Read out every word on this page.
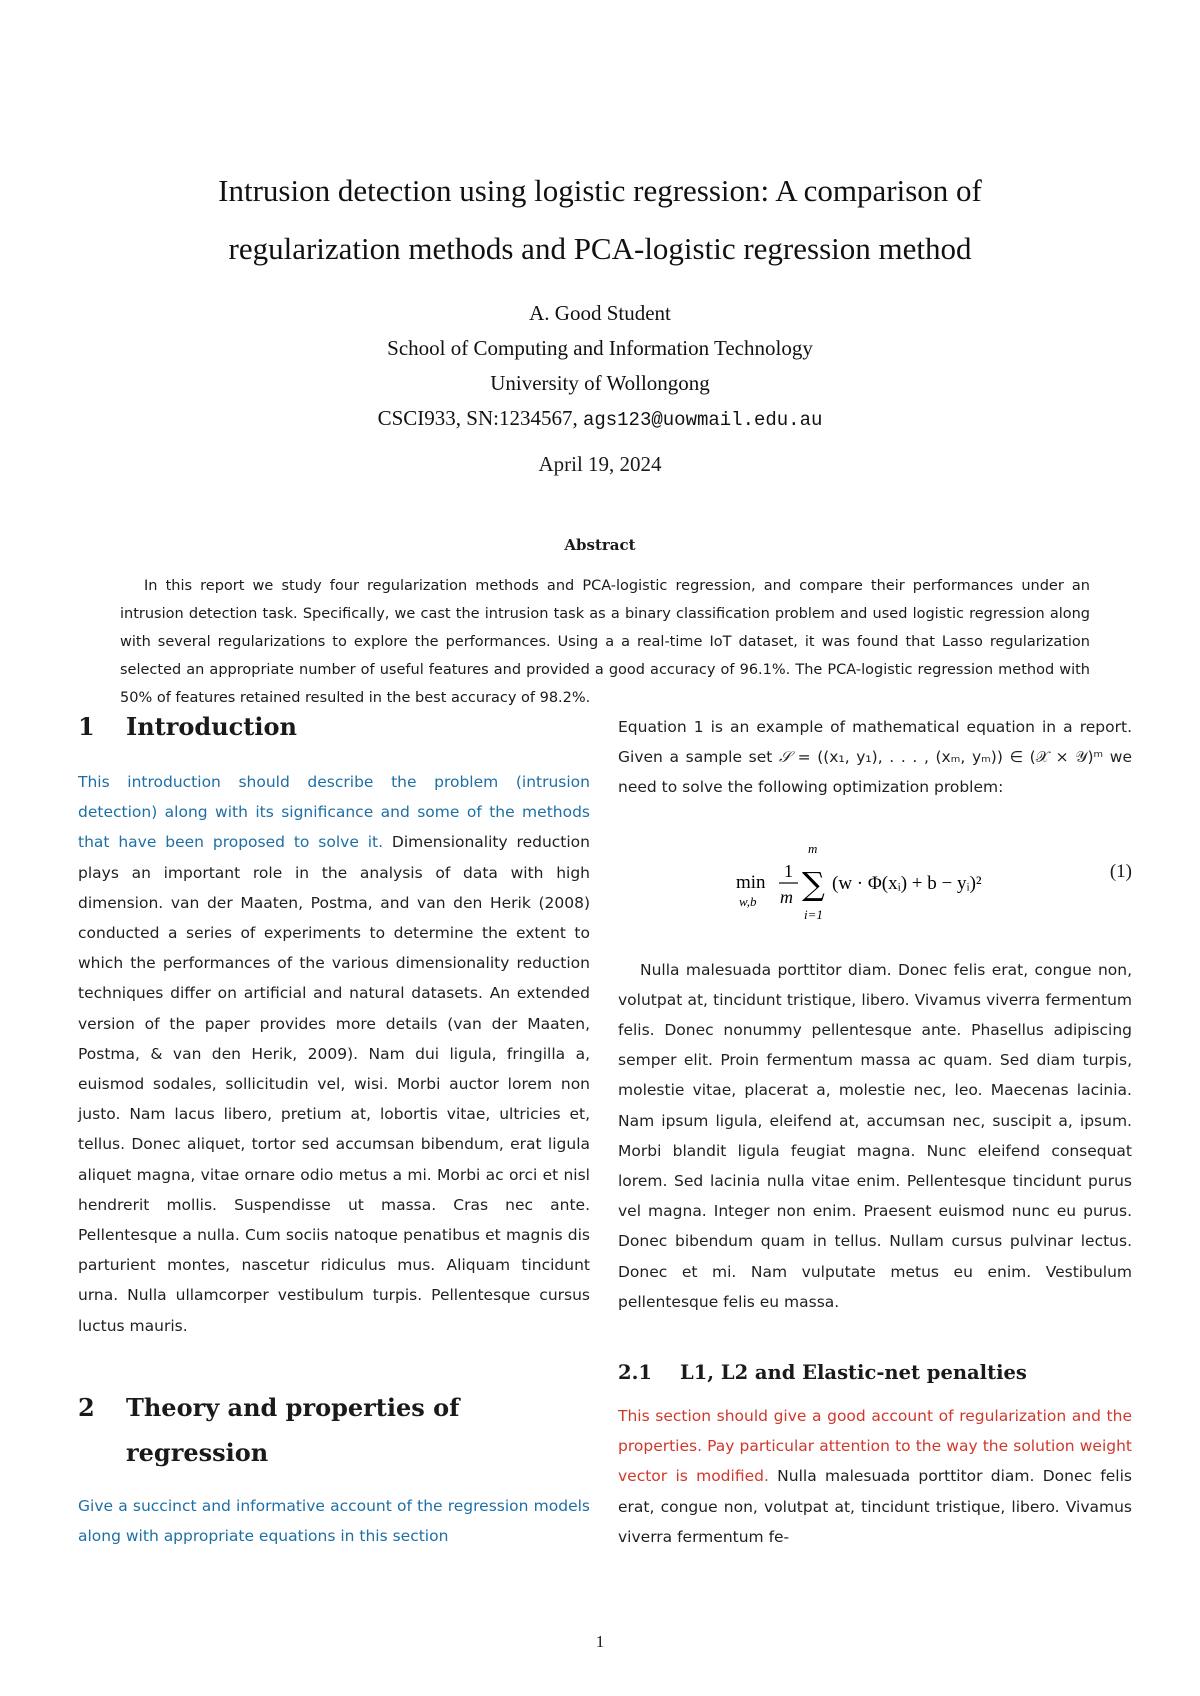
Intrusion detection using logistic regression: A comparison of
regularization methods and PCA-logistic regression method
A. Good Student
School of Computing and Information Technology
University of Wollongong
CSCI933, SN:1234567, ags123@uowmail.edu.au
April 19, 2024
Abstract
In this report we study four regularization methods and PCA-logistic regression, and compare their performances under an intrusion detection task. Specifically, we cast the intrusion task as a binary classification problem and used logistic regression along with several regularizations to explore the performances. Using a a real-time IoT dataset, it was found that Lasso regularization selected an appropriate number of useful features and provided a good accuracy of 96.1%. The PCA-logistic regression method with 50% of features retained resulted in the best accuracy of 98.2%.
1	Introduction
This introduction should describe the problem (intrusion detection) along with its significance and some of the methods that have been proposed to solve it. Dimensionality reduction plays an important role in the analysis of data with high dimension. van der Maaten, Postma, and van den Herik (2008) conducted a series of experiments to determine the extent to which the performances of the various dimensionality reduction techniques differ on artificial and natural datasets. An extended version of the paper provides more details (van der Maaten, Postma, & van den Herik, 2009). Nam dui ligula, fringilla a, euismod sodales, sollicitudin vel, wisi. Morbi auctor lorem non justo. Nam lacus libero, pretium at, lobortis vitae, ultricies et, tellus. Donec aliquet, tortor sed accumsan bibendum, erat ligula aliquet magna, vitae ornare odio metus a mi. Morbi ac orci et nisl hendrerit mollis. Suspendisse ut massa. Cras nec ante. Pellentesque a nulla. Cum sociis natoque penatibus et magnis dis parturient montes, nascetur ridiculus mus. Aliquam tincidunt urna. Nulla ullamcorper vestibulum turpis. Pellentesque cursus luctus mauris.
2	Theory and properties of regression
Give a succinct and informative account of the regression models along with appropriate equations in this section
Equation 1 is an example of mathematical equation in a report. Given a sample set 𝒮 = ((x₁, y₁), . . . , (xₘ, yₘ)) ∈ (𝒳 × 𝒴)ᵐ we need to solve the following optimization problem:
min
w,b
1
m
m
∑
i=1
(w · Φ(xᵢ) + b − yᵢ)²
(1)
Nulla malesuada porttitor diam. Donec felis erat, congue non, volutpat at, tincidunt tristique, libero. Vivamus viverra fermentum felis. Donec nonummy pellentesque ante. Phasellus adipiscing semper elit. Proin fermentum massa ac quam. Sed diam turpis, molestie vitae, placerat a, molestie nec, leo. Maecenas lacinia. Nam ipsum ligula, eleifend at, accumsan nec, suscipit a, ipsum. Morbi blandit ligula feugiat magna. Nunc eleifend consequat lorem. Sed lacinia nulla vitae enim. Pellentesque tincidunt purus vel magna. Integer non enim. Praesent euismod nunc eu purus. Donec bibendum quam in tellus. Nullam cursus pulvinar lectus. Donec et mi. Nam vulputate metus eu enim. Vestibulum pellentesque felis eu massa.
2.1	L1, L2 and Elastic-net penalties
This section should give a good account of regularization and the properties. Pay particular attention to the way the solution weight vector is modified. Nulla malesuada porttitor diam. Donec felis erat, congue non, volutpat at, tincidunt tristique, libero. Vivamus viverra fermentum fe-
1
